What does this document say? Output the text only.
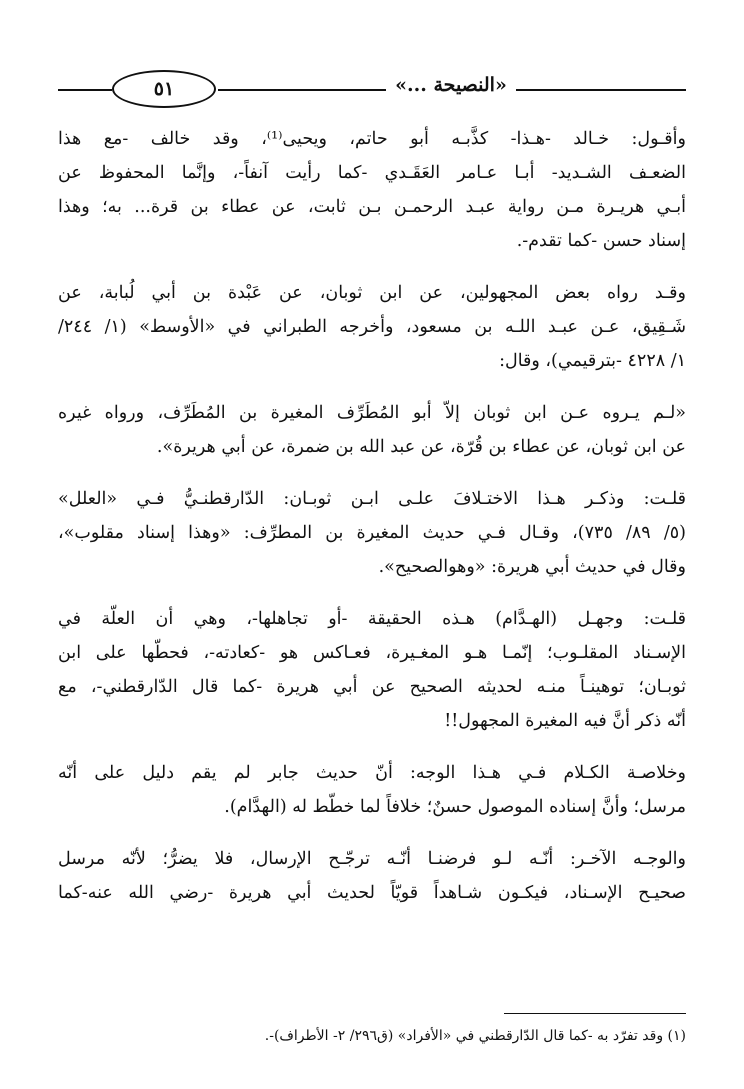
٥١	«النصيحة ...»
وأقـول: خـالد -هـذا- كذَّبـه أبو حاتم، ويحيى⁽¹⁾، وقد خالف -مع هذا
الضعـف الشـديد- أبـا عـامر العَقَـدي -كما رأيت آنفاً-، وإنَّما المحفوظ عن
أبـي هريـرة مـن رواية عبـد الرحمـن بـن ثابت، عن عطاء بن قرة... به؛ وهذا
إسناد حسن -كما تقدم-.
وقـد رواه بعض المجهولين، عن ابن ثوبان، عن عَبْدة بن أبي لُبابة، عن
شَـقِيق، عـن عبـد اللـه بن مسعود، وأخرجه الطبراني في «الأوسط» (١/ ٢٤٤/
١/ ٤٢٢٨ -بترقيمي)، وقال:
«لـم يـروه عـن ابن ثوبان إلاّ أبو المُطَرِّف المغيرة بن المُطَرِّف، ورواه غيره
عن ابن ثوبان، عن عطاء بن قُرّة، عن عبد الله بن ضمرة، عن أبي هريرة».
قلـت: وذكـر هـذا الاختـلافَ علـى ابـن ثوبـان: الدّارقطنـيُّ فـي «العلل»
(٥/ ٨٩/ ٧٣٥)، وقـال فـي حديث المغيرة بن المطرِّف: «وهذا إسناد مقلوب»،
وقال في حديث أبي هريرة: «وهوالصحيح».
قلـت: وجهـل (الهـدَّام) هـذه الحقيقة -أو تجاهلها-، وهي أن العلّة في
الإسـناد المقلـوب؛ إنّمـا هـو المغـيرة، فعـاكس هو -كعادته-، فحطّها على ابن
ثوبـان؛ توهينـاً منـه لحديثه الصحيح عن أبي هريرة -كما قال الدّارقطني-، مع
أنّه ذكر أنَّ فيه المغيرة المجهول!!
وخلاصـة الكـلام فـي هـذا الوجه: أنّ حديث جابر لم يقم دليل على أنّه
مرسل؛ وأنَّ إسناده الموصول حسنٌ؛ خلافاً لما خطّط له (الهدَّام).
والوجـه الآخـر: أنّـه لـو فرضنـا أنّـه ترجّـح الإرسال، فلا يضرُّ؛ لأنّه مرسل
صحيـح الإسـناد، فيكـون شـاهداً قويّاً لحديث أبي هريرة -رضي الله عنه-كما
(١) وقد تفرّد به -كما قال الدّارقطني في «الأفراد» (ق٢٩٦/ ٢- الأطراف)-.
